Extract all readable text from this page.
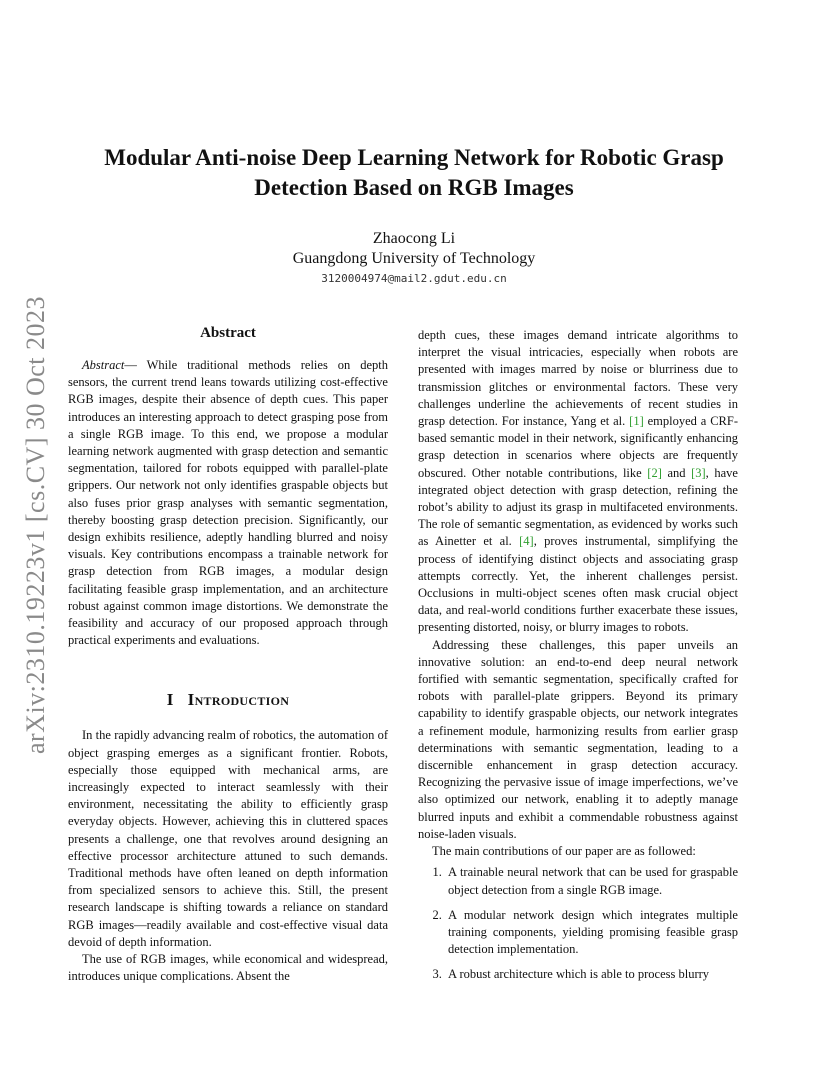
arXiv:2310.19223v1 [cs.CV] 30 Oct 2023
Modular Anti-noise Deep Learning Network for Robotic Grasp
Detection Based on RGB Images
Zhaocong Li
Guangdong University of Technology
3120004974@mail2.gdut.edu.cn
Abstract

Abstract— While traditional methods relies on depth sensors, the current trend leans towards utilizing cost-effective RGB images, despite their absence of depth cues. This paper introduces an interesting approach to detect grasping pose from a single RGB image. To this end, we propose a modular learning network augmented with grasp detection and semantic segmentation, tailored for robots equipped with parallel-plate grippers. Our network not only identifies graspable objects but also fuses prior grasp analyses with semantic segmentation, thereby boosting grasp detection precision. Significantly, our design exhibits resilience, adeptly handling blurred and noisy visuals. Key contributions encompass a trainable network for grasp detection from RGB images, a modular design facilitating feasible grasp implementation, and an architecture robust against common image distortions. We demonstrate the feasibility and accuracy of our proposed approach through practical experiments and evaluations.

I Introduction

In the rapidly advancing realm of robotics, the automation of object grasping emerges as a significant frontier. Robots, especially those equipped with mechanical arms, are increasingly expected to interact seamlessly with their environment, necessitating the ability to efficiently grasp everyday objects. However, achieving this in cluttered spaces presents a challenge, one that revolves around designing an effective processor architecture attuned to such demands. Traditional methods have often leaned on depth information from specialized sensors to achieve this. Still, the present research landscape is shifting towards a reliance on standard RGB images—readily available and cost-effective visual data devoid of depth information.

The use of RGB images, while economical and widespread, introduces unique complications. Absent the

depth cues, these images demand intricate algorithms to interpret the visual intricacies, especially when robots are presented with images marred by noise or blurriness due to transmission glitches or environmental factors. These very challenges underline the achievements of recent studies in grasp detection. For instance, Yang et al. [1] employed a CRF-based semantic model in their network, significantly enhancing grasp detection in scenarios where objects are frequently obscured. Other notable contributions, like [2] and [3], have integrated object detection with grasp detection, refining the robot’s ability to adjust its grasp in multifaceted environments. The role of semantic segmentation, as evidenced by works such as Ainetter et al. [4], proves instrumental, simplifying the process of identifying distinct objects and associating grasp attempts correctly. Yet, the inherent challenges persist. Occlusions in multi-object scenes often mask crucial object data, and real-world conditions further exacerbate these issues, presenting distorted, noisy, or blurry images to robots.

Addressing these challenges, this paper unveils an innovative solution: an end-to-end deep neural network fortified with semantic segmentation, specifically crafted for robots with parallel-plate grippers. Beyond its primary capability to identify graspable objects, our network integrates a refinement module, harmonizing results from earlier grasp determinations with semantic segmentation, leading to a discernible enhancement in grasp detection accuracy. Recognizing the pervasive issue of image imperfections, we’ve also optimized our network, enabling it to adeptly manage blurred inputs and exhibit a commendable robustness against noise-laden visuals.

The main contributions of our paper are as followed:

1. A trainable neural network that can be used for graspable object detection from a single RGB image.
2. A modular network design which integrates multiple training components, yielding promising feasible grasp detection implementation.
3. A robust architecture which is able to process blurry
